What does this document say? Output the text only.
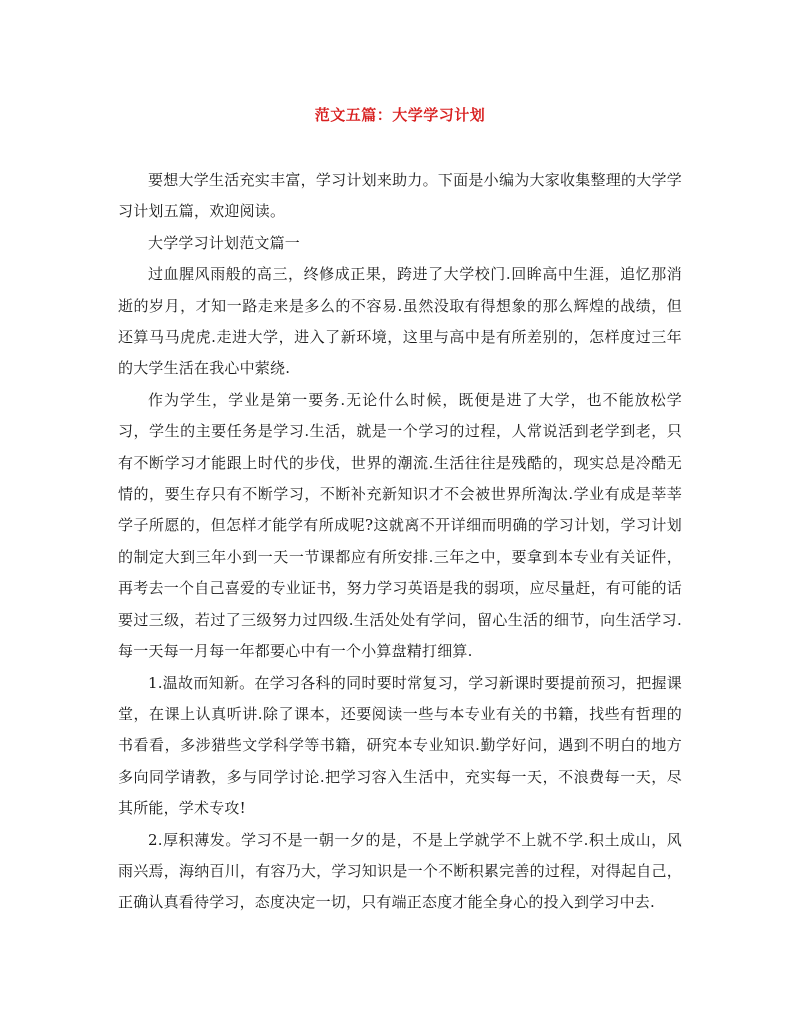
范文五篇：大学学习计划

要想大学生活充实丰富，学习计划来助力。下面是小编为大家收集整理的大学学习计划五篇，欢迎阅读。

大学学习计划范文篇一

过血腥风雨般的高三，终修成正果，跨进了大学校门.回眸高中生涯，追忆那消逝的岁月，才知一路走来是多么的不容易.虽然没取有得想象的那么辉煌的战绩，但还算马马虎虎.走进大学，进入了新环境，这里与高中是有所差别的，怎样度过三年的大学生活在我心中萦绕.

作为学生，学业是第一要务.无论什么时候，既便是进了大学，也不能放松学习，学生的主要任务是学习.生活，就是一个学习的过程，人常说活到老学到老，只有不断学习才能跟上时代的步伐，世界的潮流.生活往往是残酷的，现实总是冷酷无情的，要生存只有不断学习，不断补充新知识才不会被世界所淘汰.学业有成是莘莘学子所愿的，但怎样才能学有所成呢?这就离不开详细而明确的学习计划，学习计划的制定大到三年小到一天一节课都应有所安排.三年之中，要拿到本专业有关证件，再考去一个自己喜爱的专业证书，努力学习英语是我的弱项，应尽量赶，有可能的话要过三级，若过了三级努力过四级.生活处处有学问，留心生活的细节，向生活学习.每一天每一月每一年都要心中有一个小算盘精打细算.

1.温故而知新。在学习各科的同时要时常复习，学习新课时要提前预习，把握课堂，在课上认真听讲.除了课本，还要阅读一些与本专业有关的书籍，找些有哲理的书看看，多涉猎些文学科学等书籍，研究本专业知识.勤学好问，遇到不明白的地方多向同学请教，多与同学讨论.把学习容入生活中，充实每一天，不浪费每一天，尽其所能，学术专攻!

2.厚积薄发。学习不是一朝一夕的是，不是上学就学不上就不学.积土成山，风雨兴焉，海纳百川，有容乃大，学习知识是一个不断积累完善的过程，对得起自己，正确认真看待学习，态度决定一切，只有端正态度才能全身心的投入到学习中去.
